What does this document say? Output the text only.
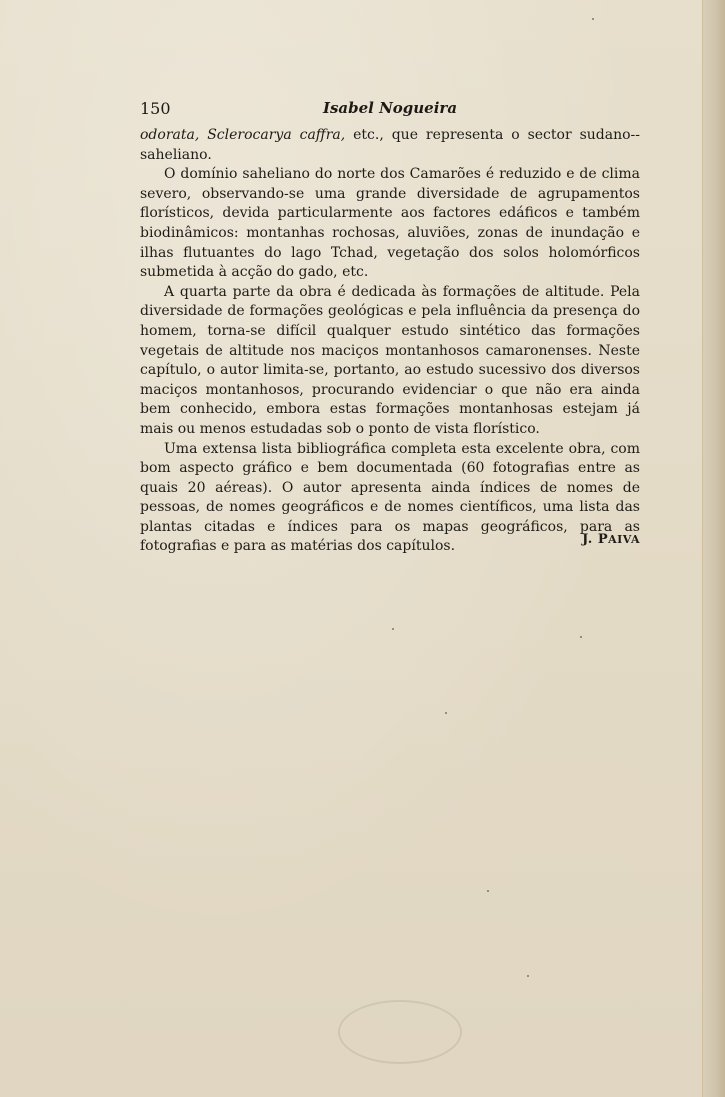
150	Isabel Nogueira

odorata, Sclerocarya caffra, etc., que representa o sector sudano--saheliano.

O domínio saheliano do norte dos Camarões é reduzido e de clima severo, observando-se uma grande diversidade de agrupamentos florísticos, devida particularmente aos factores edáficos e também biodinâmicos: montanhas rochosas, aluviões, zonas de inundação e ilhas flutuantes do lago Tchad, vegetação dos solos holomórficos submetida à acção do gado, etc.

A quarta parte da obra é dedicada às formações de altitude. Pela diversidade de formações geológicas e pela influência da presença do homem, torna-se difícil qualquer estudo sintético das formações vegetais de altitude nos maciços montanhosos camaronenses. Neste capítulo, o autor limita-se, portanto, ao estudo sucessivo dos diversos maciços montanhosos, procurando evidenciar o que não era ainda bem conhecido, embora estas formações montanhosas estejam já mais ou menos estudadas sob o ponto de vista florístico.

Uma extensa lista bibliográfica completa esta excelente obra, com bom aspecto gráfico e bem documentada (60 fotografias entre as quais 20 aéreas). O autor apresenta ainda índices de nomes de pessoas, de nomes geográficos e de nomes científicos, uma lista das plantas citadas e índices para os mapas geográficos, para as fotografias e para as matérias dos capítulos.	J. PAIVA
